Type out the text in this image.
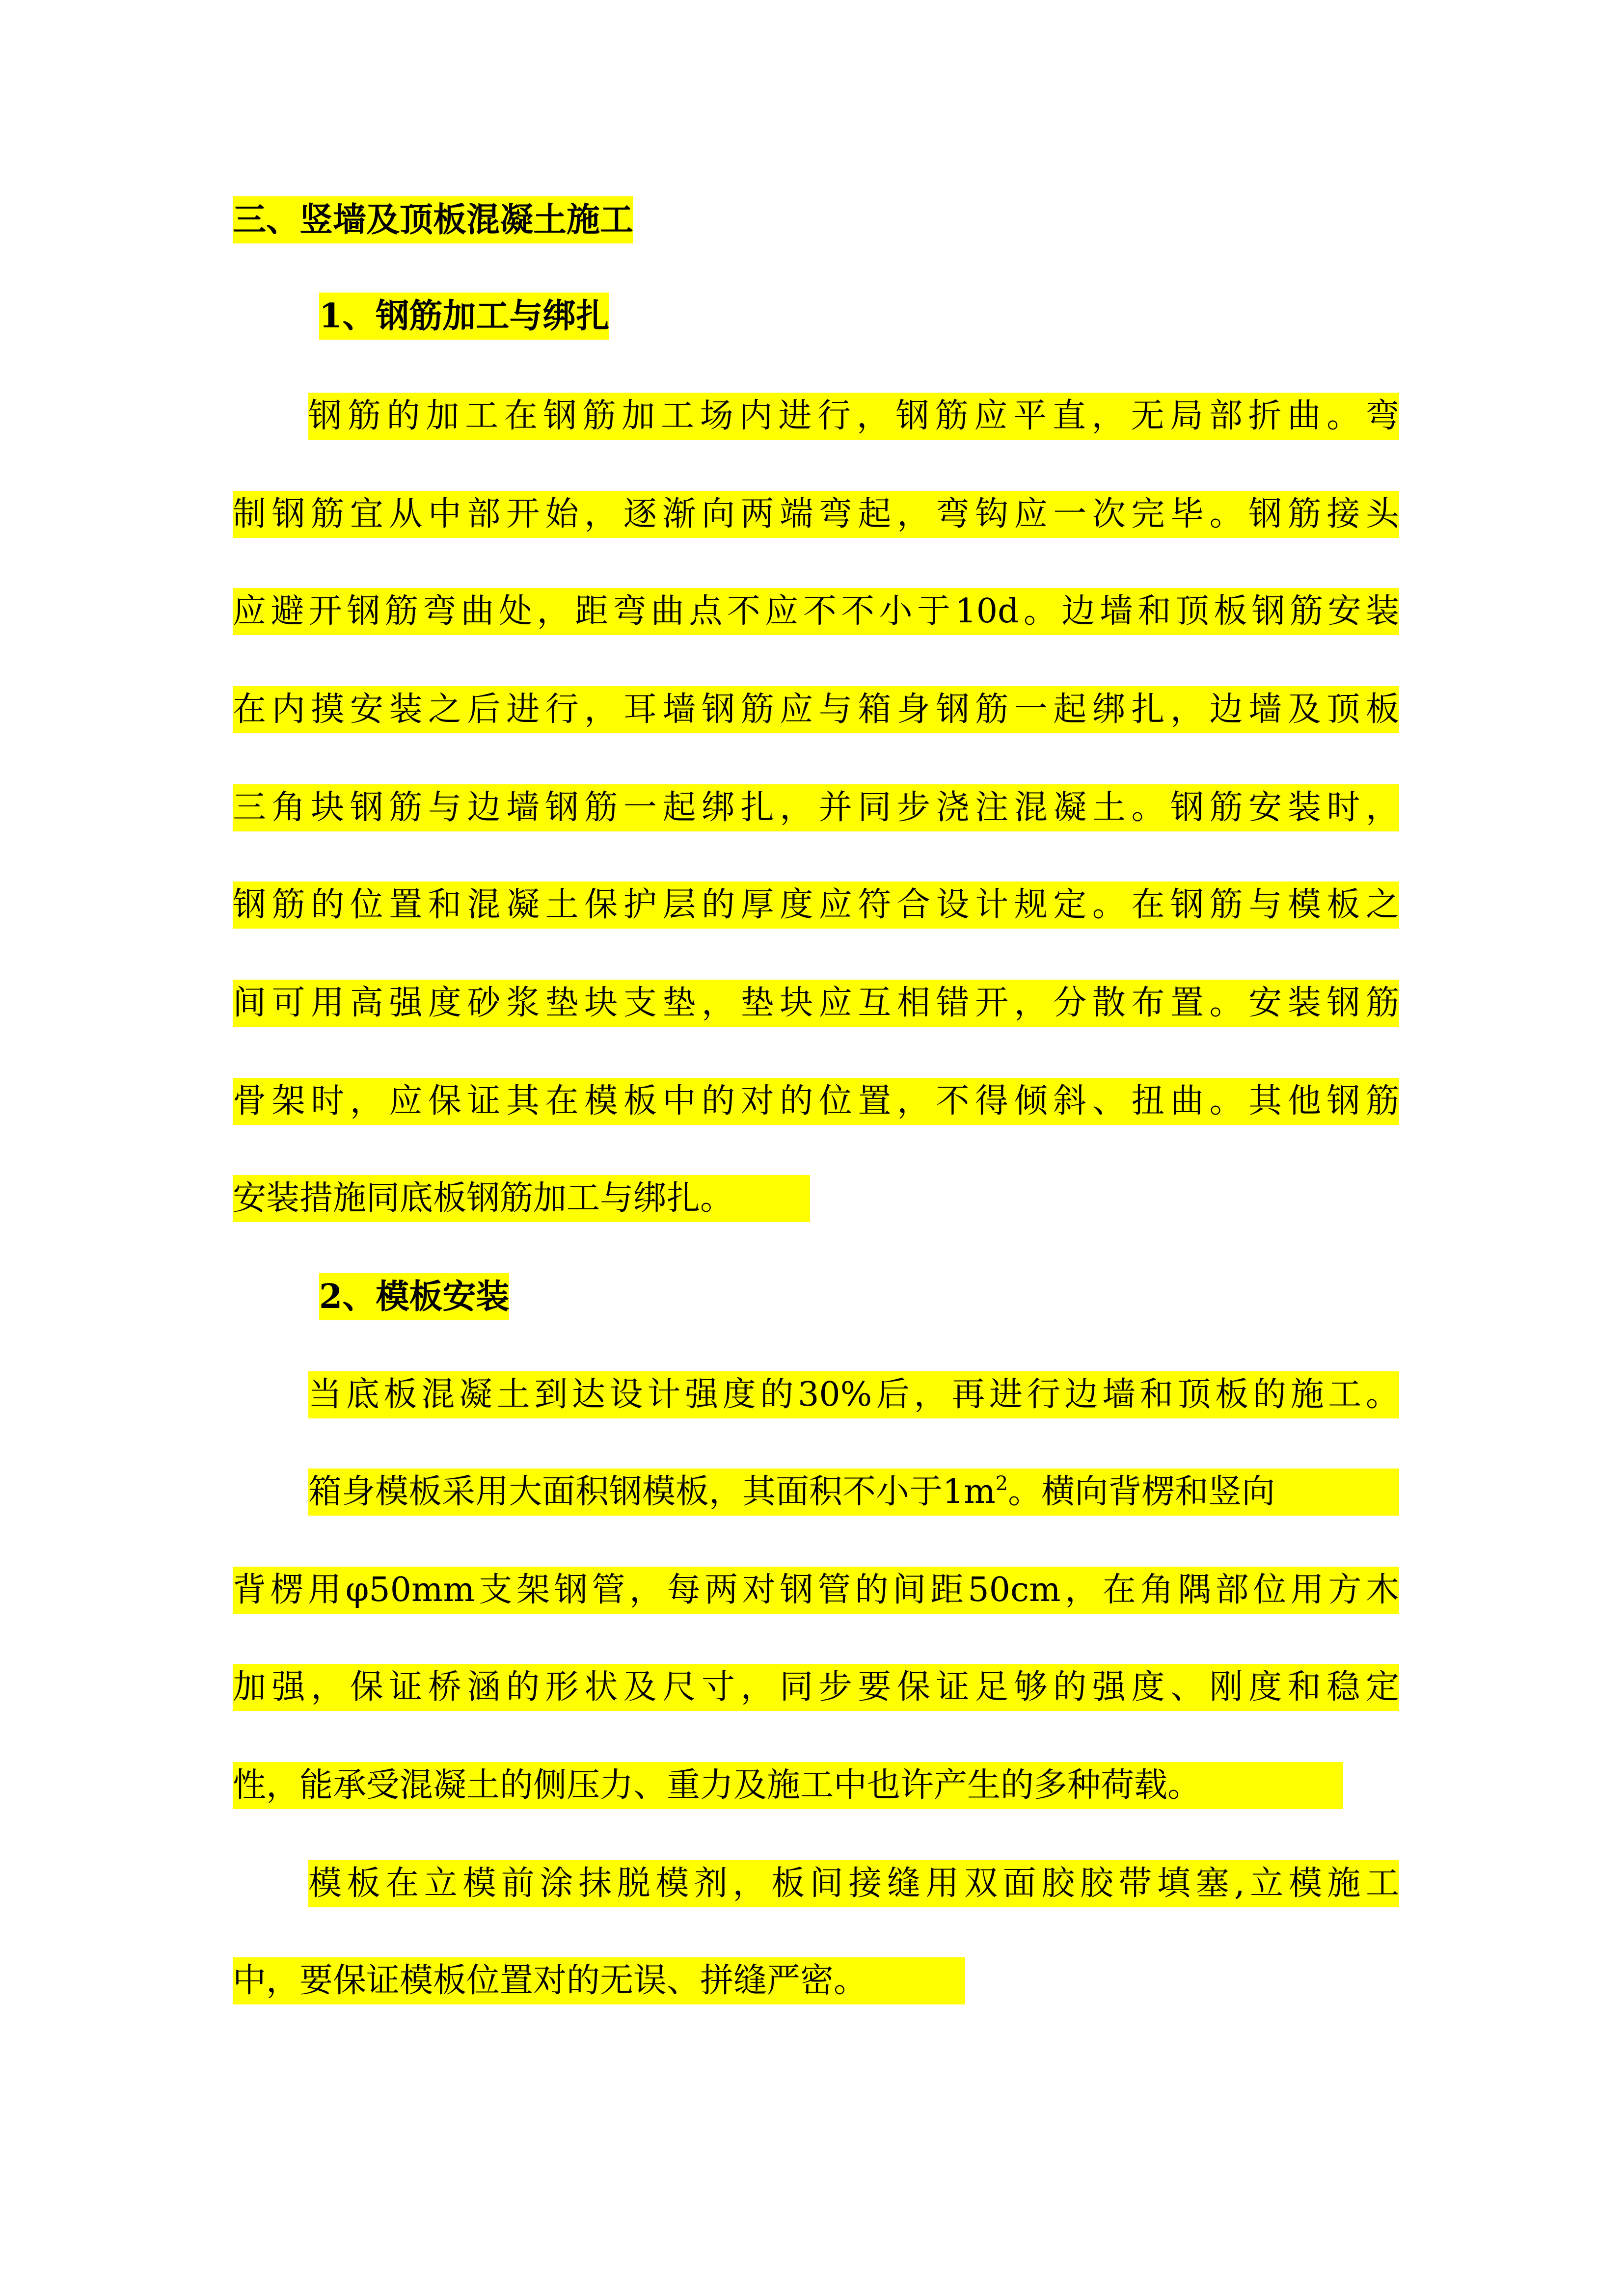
三、竖墙及顶板混凝土施工
1、钢筋加工与绑扎
钢筋的加工在钢筋加工场内进行，钢筋应平直，无局部折曲。弯
制钢筋宜从中部开始，逐渐向两端弯起，弯钩应一次完毕。钢筋接头
应避开钢筋弯曲处，距弯曲点不应不不小于10d。边墙和顶板钢筋安装
在内摸安装之后进行，耳墙钢筋应与箱身钢筋一起绑扎，边墙及顶板
三角块钢筋与边墙钢筋一起绑扎，并同步浇注混凝土。钢筋安装时，
钢筋的位置和混凝土保护层的厚度应符合设计规定。在钢筋与模板之
间可用高强度砂浆垫块支垫，垫块应互相错开，分散布置。安装钢筋
骨架时，应保证其在模板中的对的位置，不得倾斜、扭曲。其他钢筋
安装措施同底板钢筋加工与绑扎。
2、模板安装
当底板混凝土到达设计强度的30%后，再进行边墙和顶板的施工。
箱身模板采用大面积钢模板，其面积不小于$1m^2$。横向背楞和竖向
背楞用φ50mm支架钢管，每两对钢管的间距50cm，在角隅部位用方木
加强，保证桥涵的形状及尺寸，同步要保证足够的强度、刚度和稳定
性，能承受混凝土的侧压力、重力及施工中也许产生的多种荷载。
模板在立模前涂抹脱模剂，板间接缝用双面胶胶带填塞,立模施工
中，要保证模板位置对的无误、拼缝严密。
